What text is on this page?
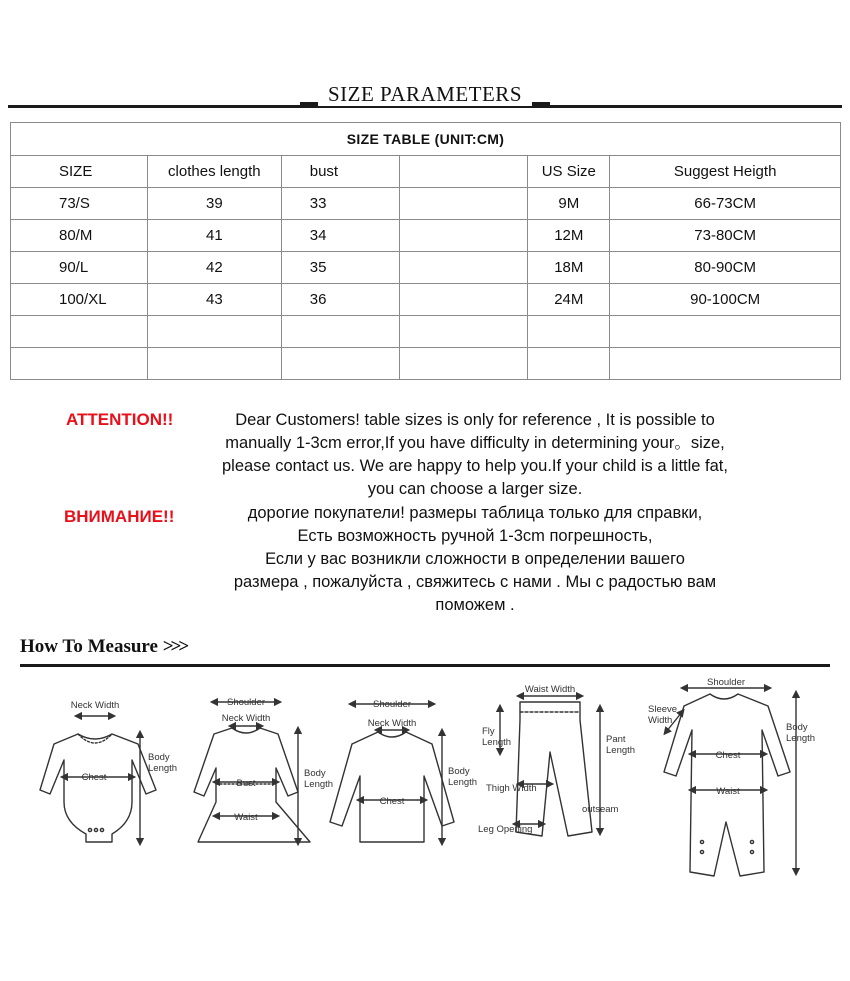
SIZE PARAMETERS
SIZE TABLE (UNIT:CM)					
SIZE	clothes length	bust		US Size	Suggest Heigth
73/S	39	33		9M	66-73CM
80/M	41	34		12M	73-80CM
90/L	42	35		18M	80-90CM
100/XL	43	36		24M	90-100CM

ATTENTION!!	Dear Customers! table sizes is only for reference , It is possible to
manually 1-3cm error,If you have difficulty in determining your。size,
please contact us. We are happy to help you.If your child is a little fat,
you can choose a larger size.
ВНИМАНИЕ!!	дорогие покупатели! размеры таблица только для справки,
Есть возможность ручной 1-3cm погрешность,
Если у вас возникли сложности в определении вашего
размера , пожалуйста , свяжитесь с нами . Мы с радостью вам
поможем .
How To Measure >>>
Neck Width
Chest
Body
Length
Shoulder
Neck Width
Bust
Waist
Body
Length
Shoulder
Neck Width
Chest
Body
Length
Waist Width
Fly
Length	Pant
Length
Thigh Width
outseam
Leg Opening
Shoulder
Sleeve
Width
Body
Length
Chest
Waist
